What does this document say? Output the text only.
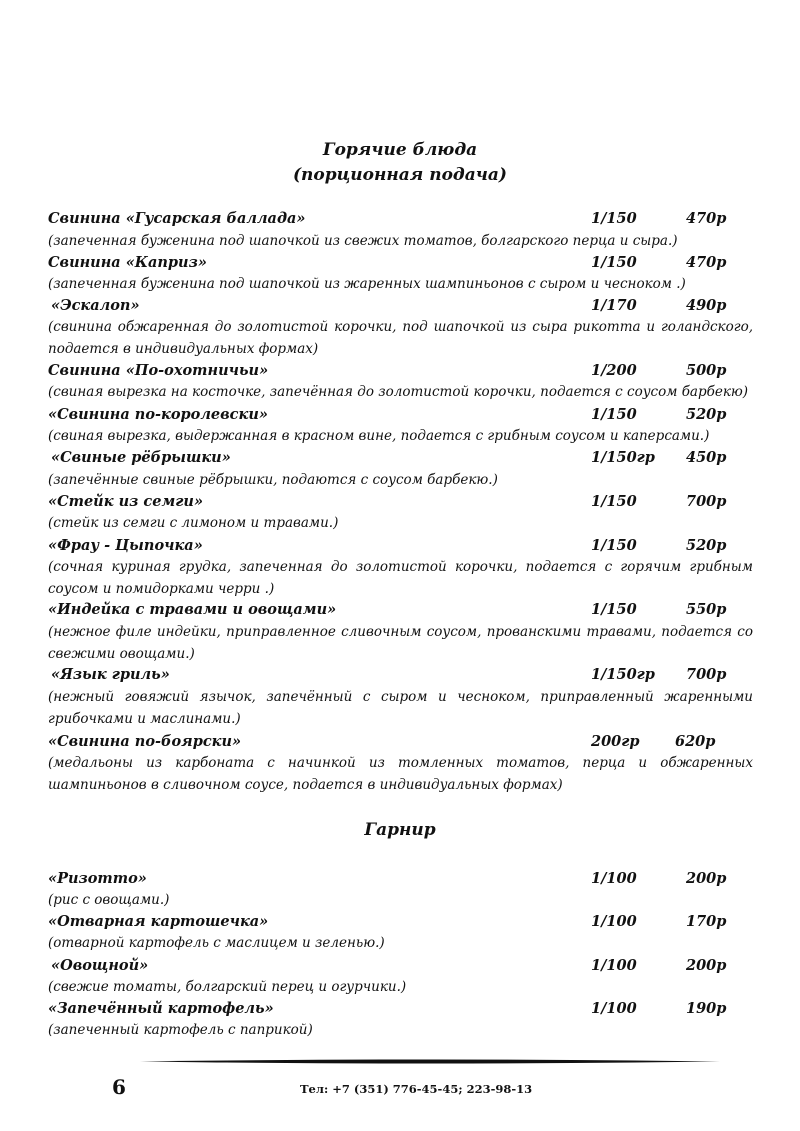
Горячие блюда
(порционная подача)
Свинина «Гусарская баллада»	1/150	470р
(запеченная буженина под шапочкой из свежих томатов, болгарского перца и сыра.)
Свинина «Каприз»	1/150	470р
(запеченная буженина под шапочкой из жаренных шампиньонов с сыром и чесноком .)
«Эскалоп»	1/170	490р
(свинина обжаренная до золотистой корочки, под шапочкой из сыра рикотта и голандского, подается в индивидуальных формах)
Свинина «По-охотничьи»	1/200	500р
(свиная вырезка на косточке, запечённая до золотистой корочки, подается с соусом барбекю)
«Свинина по-королевски»	1/150	520р
(свиная вырезка, выдержанная в красном вине, подается с грибным соусом и каперсами.)
«Свиные рёбрышки»	1/150гр 450р
(запечённые свиные рёбрышки, подаются с соусом барбекю.)
«Стейк из семги»	1/150	700р
(стейк из семги с лимоном и травами.)
«Фрау - Цыпочка»	1/150	520р
(сочная куриная грудка, запеченная до золотистой корочки, подается с горячим грибным соусом и помидорками черри .)
«Индейка с травами и овощами»	1/150	550р
(нежное филе индейки, приправленное сливочным соусом, прованскими травами, подается со свежими овощами.)
«Язык гриль»	1/150гр 700р
(нежный говяжий язычок, запечённый с сыром и чесноком, приправленный жаренными грибочками и маслинами.)
«Свинина по-боярски»	200гр 620р
(медальоны из карбоната с начинкой из томленных томатов, перца и обжаренных шампиньонов в сливочном соусе, подается в индивидуальных формах)
Гарнир
«Ризотто»	1/100	200р
(рис с овощами.)
«Отварная картошечка»	1/100	170р
(отварной картофель с маслицем и зеленью.)
«Овощной»	1/100	200р
(свежие томаты, болгарский перец и огурчики.)
«Запечённый картофель»	1/100	190р
(запеченный картофель с паприкой)
6	Тел: +7 (351) 776-45-45; 223-98-13
